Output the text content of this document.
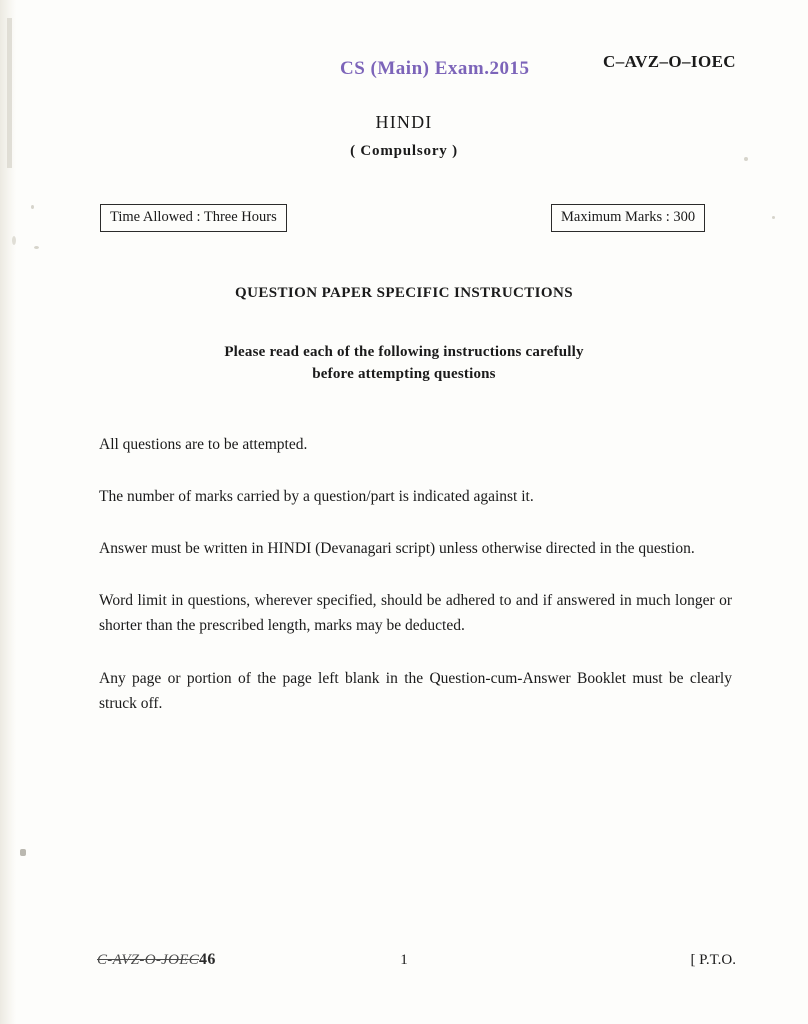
CS (Main) Exam.2015	C–AVZ–O–IOEC
HINDI
( Compulsory )
Time Allowed : Three Hours	Maximum Marks : 300
QUESTION PAPER SPECIFIC INSTRUCTIONS
Please read each of the following instructions carefully
before attempting questions

All questions are to be attempted.

The number of marks carried by a question/part is indicated against it.

Answer must be written in HINDI (Devanagari script) unless otherwise directed in the question.

Word limit in questions, wherever specified, should be adhered to and if answered in much longer or shorter than the prescribed length, marks may be deducted.

Any page or portion of the page left blank in the Question-cum-Answer Booklet must be clearly struck off.

C-AVZ-O-JOEC46	1	[ P.T.O.
